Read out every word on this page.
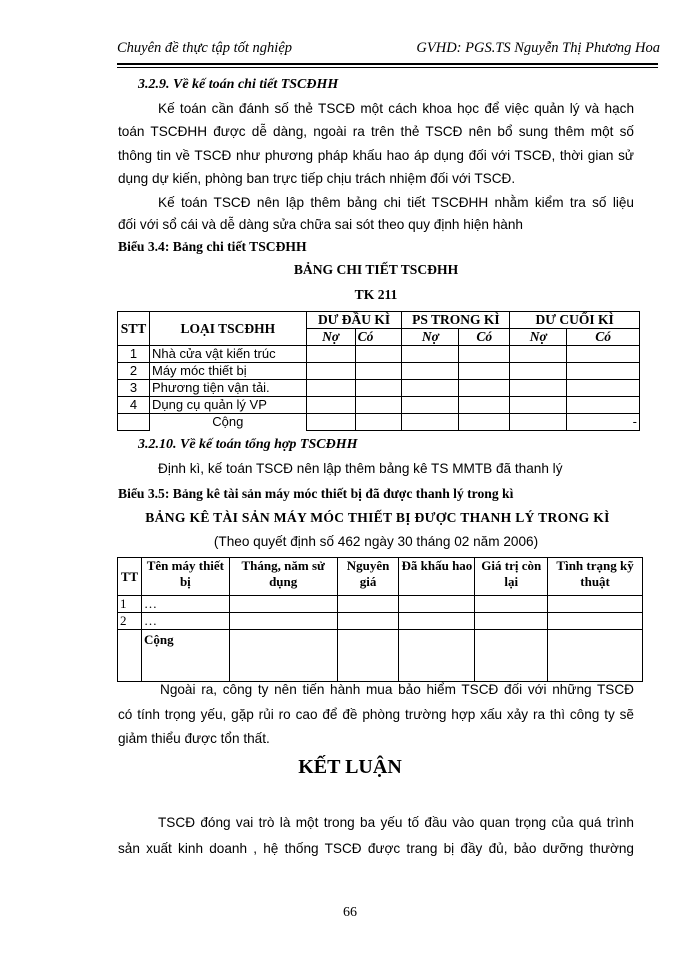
Chuyên đề thực tập tốt nghiệp	GVHD: PGS.TS Nguyễn Thị Phương Hoa
3.2.9. Về kế toán chi tiết TSCĐHH
Kế toán cần đánh số thẻ TSCĐ một cách khoa học để việc quản lý và hạch
toán TSCĐHH được dễ dàng, ngoài ra trên thẻ TSCĐ nên bổ sung thêm một số
thông tin về TSCĐ như phương pháp khấu hao áp dụng đối với TSCĐ, thời gian sử
dụng dự kiến, phòng ban trực tiếp chịu trách nhiệm đối với TSCĐ.
Kế toán TSCĐ nên lập thêm bảng chi tiết TSCĐHH nhằm kiểm tra số liệu
đối với sổ cái và dễ dàng sửa chữa sai sót theo quy định hiện hành
Biểu 3.4: Bảng chi tiết TSCĐHH
BẢNG CHI TIẾT TSCĐHH
TK 211
STT	LOẠI TSCĐHH	DƯ ĐẦU KÌ		PS TRONG KÌ		DƯ CUỐI KÌ	
		Nợ	Có	Nợ	Có	Nợ	Có
1	Nhà cửa vật kiến trúc						
2	Máy móc thiết bị						
3	Phương tiện vận tải.						
4	Dụng cụ quản lý VP						
	Cộng						-
3.2.10. Về kế toán tổng hợp TSCĐHH
Định kì, kế toán TSCĐ nên lập thêm bảng kê TS MMTB đã thanh lý
Biểu 3.5: Bảng kê tài sản máy móc thiết bị đã được thanh lý trong kì
BẢNG KÊ TÀI SẢN MÁY MÓC THIẾT BỊ ĐƯỢC THANH LÝ TRONG KÌ
(Theo quyết định số 462 ngày 30 tháng 02 năm 2006)
TT	Tên máy thiết bị	Tháng, năm sử dụng	Nguyên giá	Đã khấu hao	Giá trị còn lại	Tình trạng kỹ thuật
1	…					
2	…					
	Cộng					
Ngoài ra, công ty nên tiến hành mua bảo hiểm TSCĐ đối với những TSCĐ
có tính trọng yếu, gặp rủi ro cao để đề phòng trường hợp xấu xảy ra thì công ty sẽ
giảm thiểu được tổn thất.
KẾT LUẬN
TSCĐ đóng vai trò là một trong ba yếu tố đầu vào quan trọng của quá trình
sản xuất kinh doanh , hệ thống TSCĐ được trang bị đầy đủ, bảo dưỡng thường
66
